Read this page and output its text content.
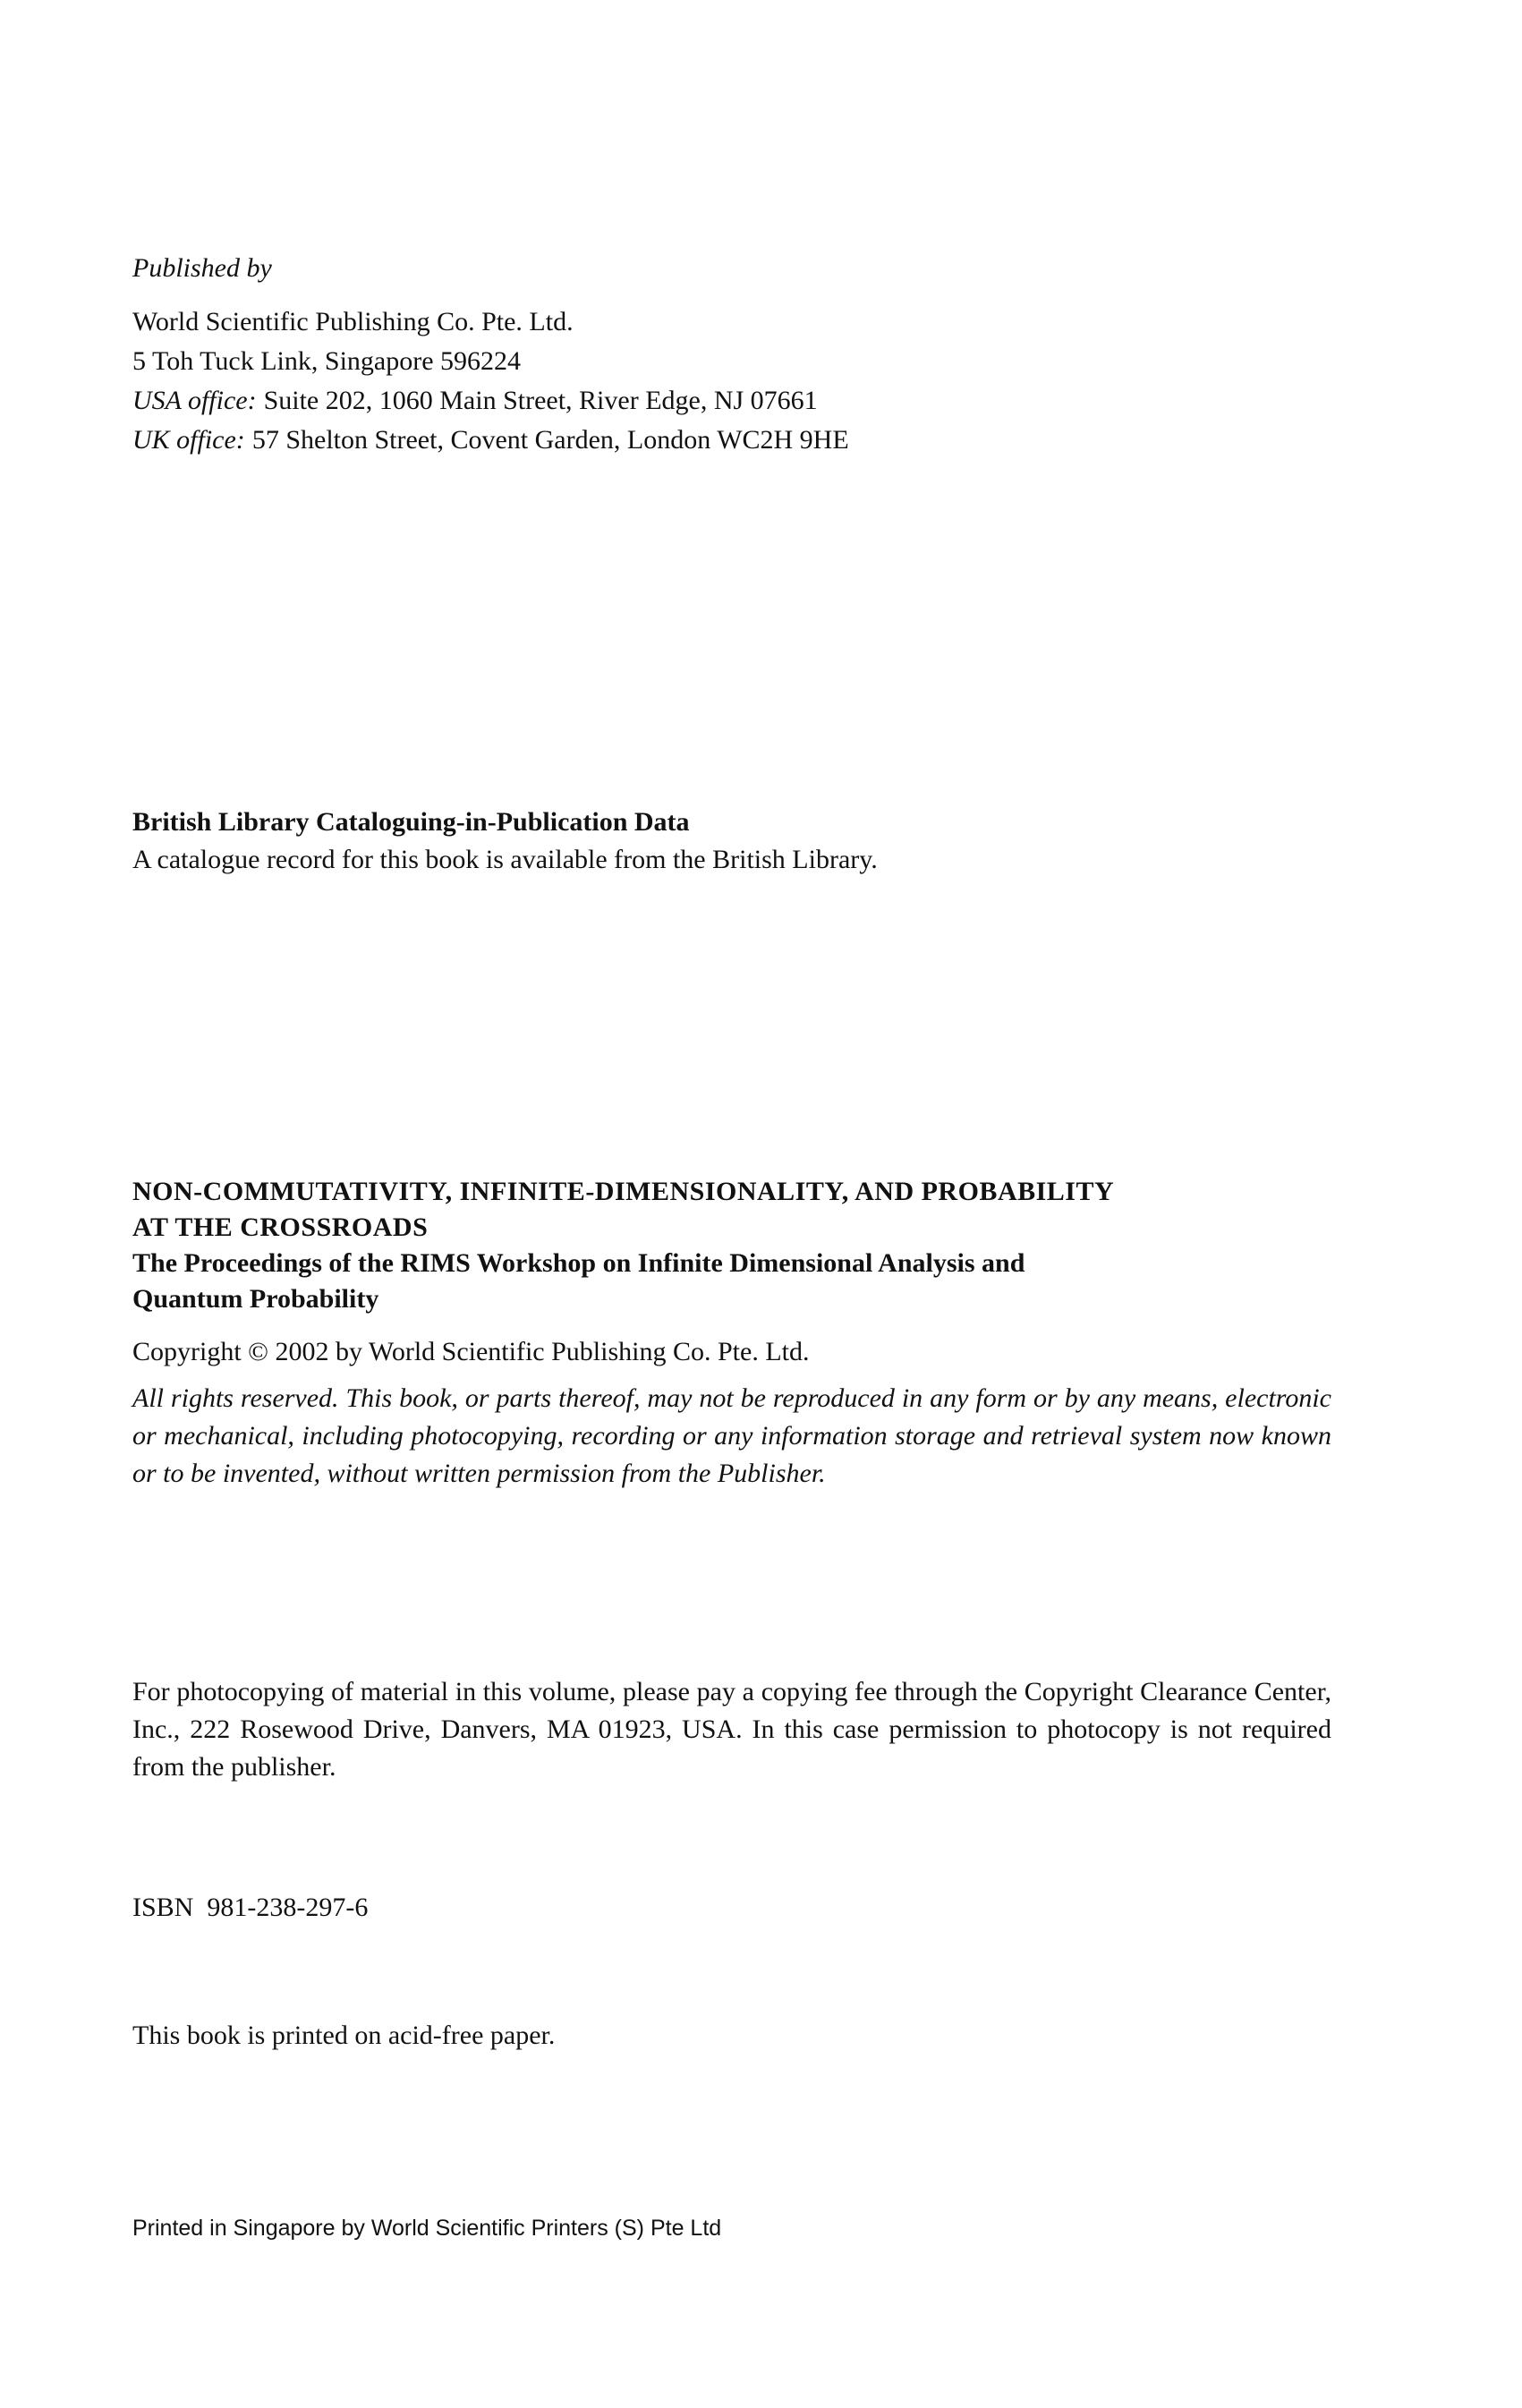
Published by
World Scientific Publishing Co. Pte. Ltd.
5 Toh Tuck Link, Singapore 596224
USA office: Suite 202, 1060 Main Street, River Edge, NJ 07661
UK office: 57 Shelton Street, Covent Garden, London WC2H 9HE
British Library Cataloguing-in-Publication Data
A catalogue record for this book is available from the British Library.
NON-COMMUTATIVITY, INFINITE-DIMENSIONALITY, AND PROBABILITY
AT THE CROSSROADS
The Proceedings of the RIMS Workshop on Infinite Dimensional Analysis and
Quantum Probability
Copyright © 2002 by World Scientific Publishing Co. Pte. Ltd.
All rights reserved. This book, or parts thereof, may not be reproduced in any form or by any means, electronic or mechanical, including photocopying, recording or any information storage and retrieval system now known or to be invented, without written permission from the Publisher.
For photocopying of material in this volume, please pay a copying fee through the Copyright Clearance Center, Inc., 222 Rosewood Drive, Danvers, MA 01923, USA. In this case permission to photocopy is not required from the publisher.
ISBN  981-238-297-6
This book is printed on acid-free paper.
Printed in Singapore by World Scientific Printers (S) Pte Ltd
